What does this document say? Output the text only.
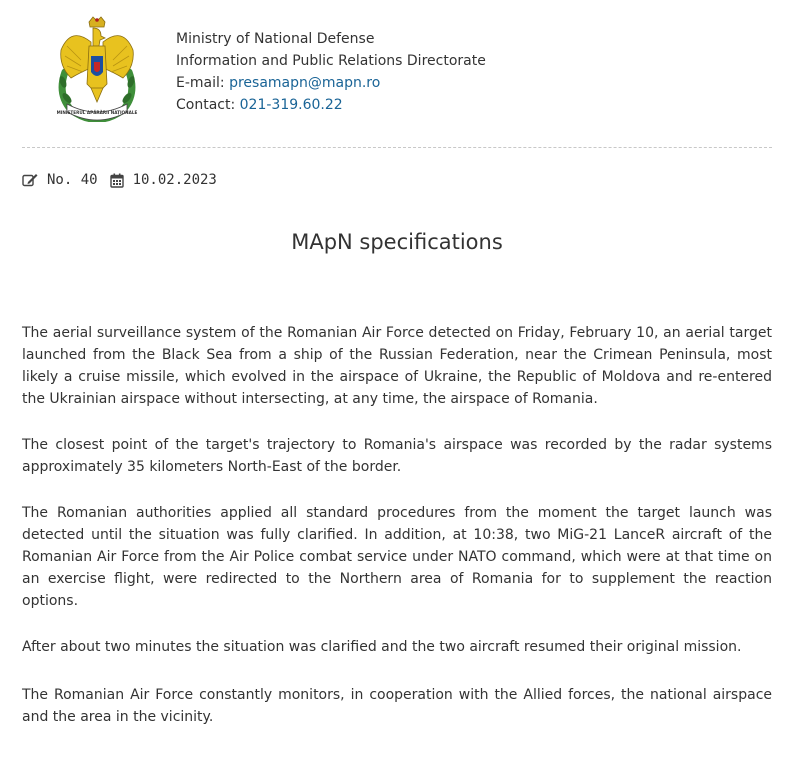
MINISTERUL APĂRĂRII NAȚIONALE
Ministry of National Defense
Information and Public Relations Directorate
E-mail: presamapn@mapn.ro
Contact: 021-319.60.22
No. 40	10.02.2023
MApN specifications

The aerial surveillance system of the Romanian Air Force detected on Friday, February 10, an aerial target launched from the Black Sea from a ship of the Russian Federation, near the Crimean Peninsula, most likely a cruise missile, which evolved in the airspace of Ukraine, the Republic of Moldova and re-entered the Ukrainian airspace without intersecting, at any time, the airspace of Romania.

The closest point of the target's trajectory to Romania's airspace was recorded by the radar systems approximately 35 kilometers North-East of the border.

The Romanian authorities applied all standard procedures from the moment the target launch was detected until the situation was fully clarified. In addition, at 10:38, two MiG-21 LanceR aircraft of the Romanian Air Force from the Air Police combat service under NATO command, which were at that time on an exercise flight, were redirected to the Northern area of Romania for to supplement the reaction options.

After about two minutes the situation was clarified and the two aircraft resumed their original mission.

The Romanian Air Force constantly monitors, in cooperation with the Allied forces, the national airspace and the area in the vicinity.
